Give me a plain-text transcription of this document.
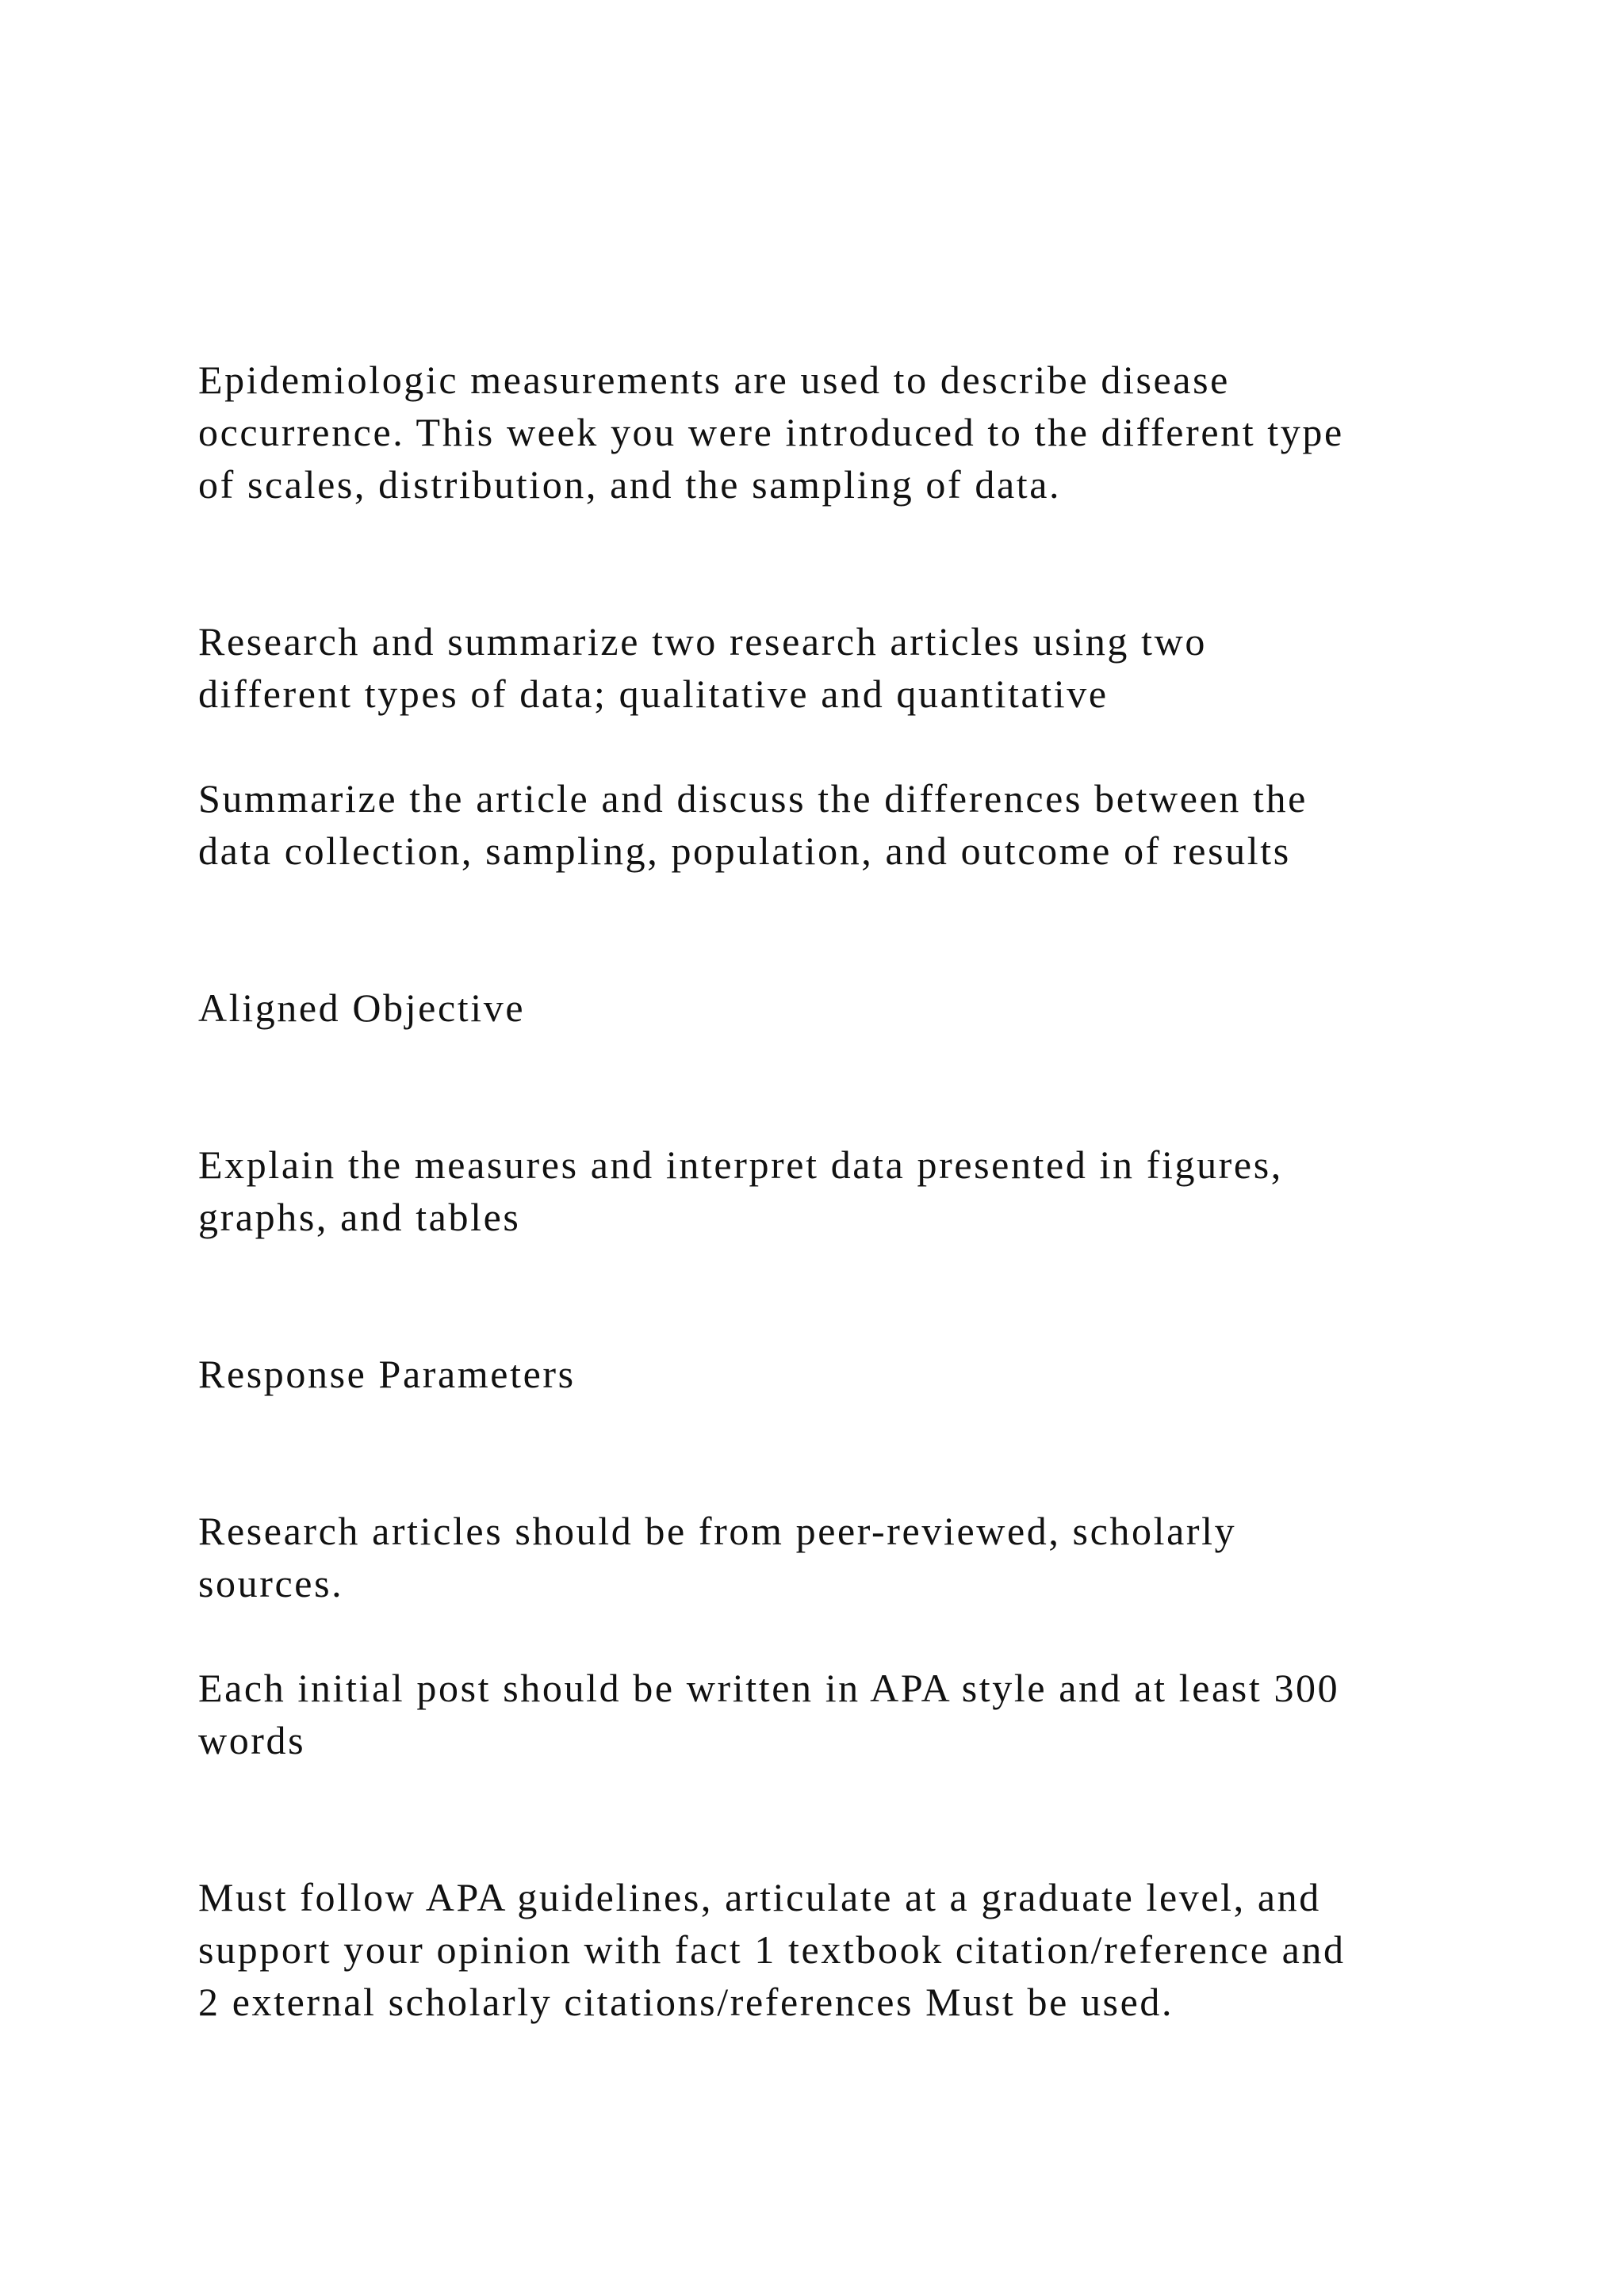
Epidemiologic measurements are used to describe disease

occurrence. This week you were introduced to the different type

of scales, distribution, and the sampling of data.

Research and summarize two research articles using two

different types of data; qualitative and quantitative

Summarize the article and discuss the differences between the

data collection, sampling, population, and outcome of results

Aligned Objective

Explain the measures and interpret data presented in figures,

graphs, and tables

Response Parameters

Research articles should be from peer-reviewed, scholarly

sources.

Each initial post should be written in APA style and at least 300

words

Must follow APA guidelines, articulate at a graduate level, and

support your opinion with fact 1 textbook citation/reference and

2 external scholarly citations/references Must be used.
